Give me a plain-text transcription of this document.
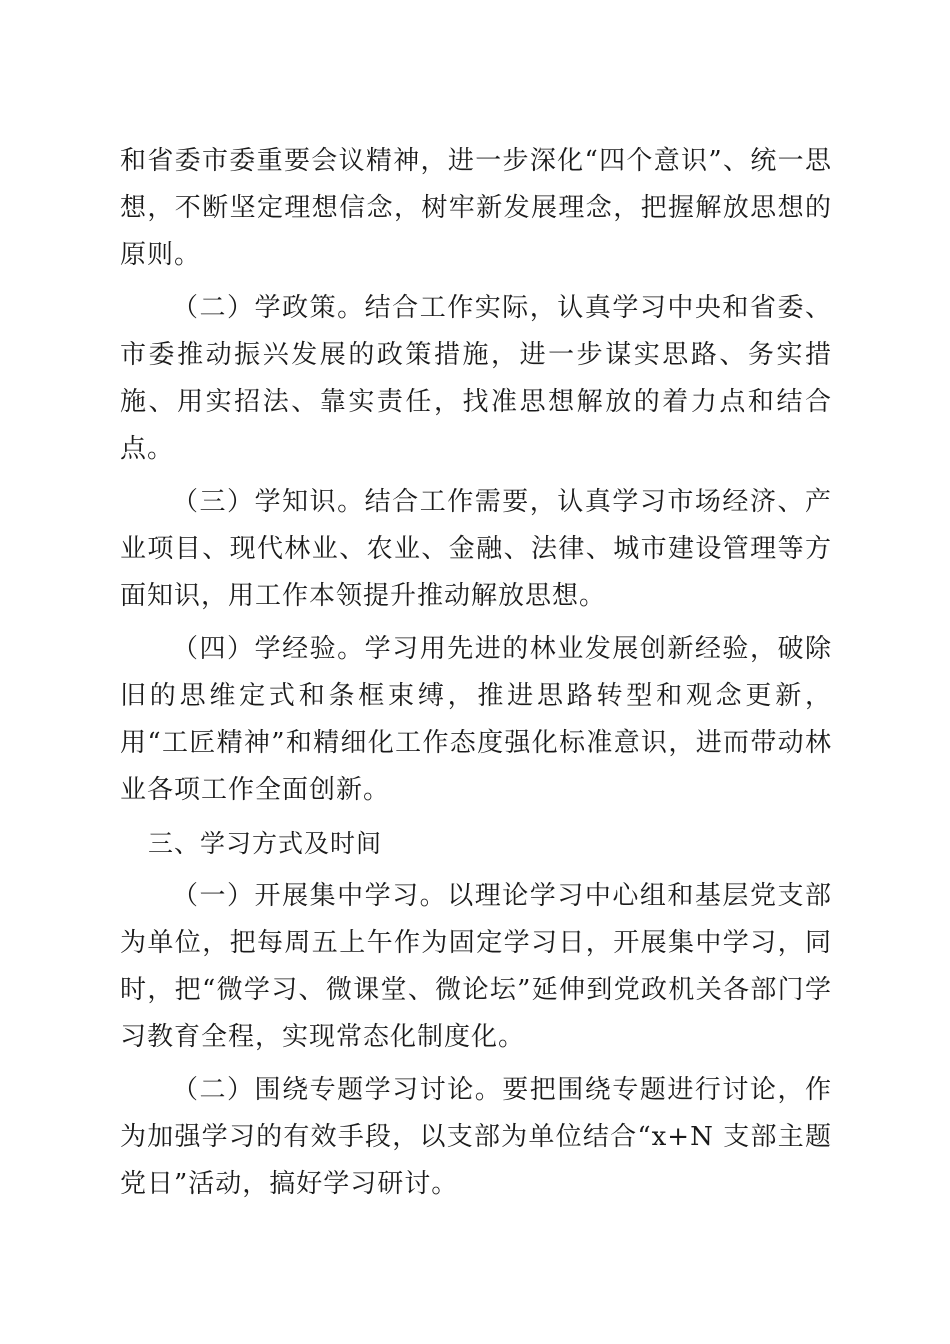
和省委市委重要会议精神，进一步深化“四个意识”、统一思想，不断坚定理想信念，树牢新发展理念，把握解放思想的原则。

（二）学政策。结合工作实际，认真学习中央和省委、市委推动振兴发展的政策措施，进一步谋实思路、务实措施、用实招法、靠实责任，找准思想解放的着力点和结合点。

（三）学知识。结合工作需要，认真学习市场经济、产业项目、现代林业、农业、金融、法律、城市建设管理等方面知识，用工作本领提升推动解放思想。

（四）学经验。学习用先进的林业发展创新经验，破除旧的思维定式和条框束缚，推进思路转型和观念更新，用“工匠精神”和精细化工作态度强化标准意识，进而带动林业各项工作全面创新。

三、学习方式及时间

（一）开展集中学习。以理论学习中心组和基层党支部为单位，把每周五上午作为固定学习日，开展集中学习，同时，把“微学习、微课堂、微论坛”延伸到党政机关各部门学习教育全程，实现常态化制度化。

（二）围绕专题学习讨论。要把围绕专题进行讨论，作为加强学习的有效手段，以支部为单位结合“x+N 支部主题党日”活动，搞好学习研讨。
